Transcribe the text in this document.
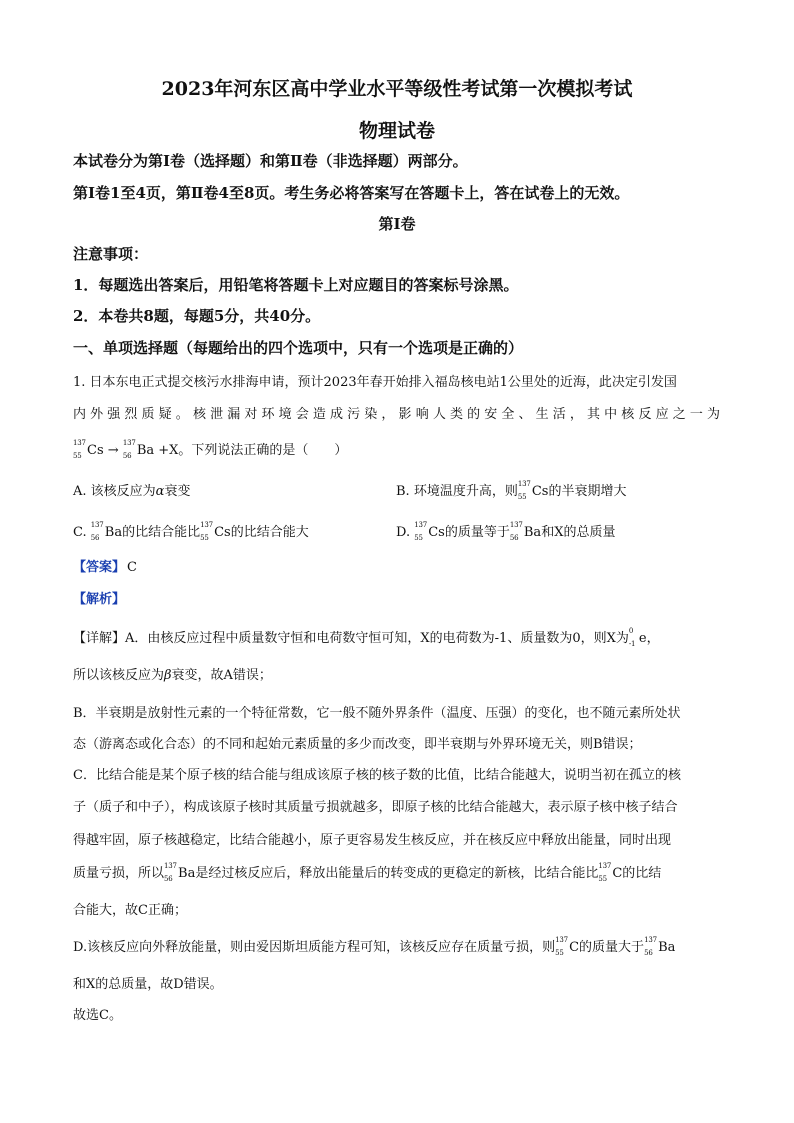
2023年河东区高中学业水平等级性考试第一次模拟考试
物理试卷
本试卷分为第Ⅰ卷（选择题）和第Ⅱ卷（非选择题）两部分。
第Ⅰ卷1至4页，第Ⅱ卷4至8页。考生务必将答案写在答题卡上，答在试卷上的无效。
第Ⅰ卷
注意事项：
1．每题选出答案后，用铅笔将答题卡上对应题目的答案标号涂黑。
2．本卷共8题，每题5分，共40分。
一、单项选择题（每题给出的四个选项中，只有一个选项是正确的）
1. 日本东电正式提交核污水排海申请，预计2023年春开始排入福岛核电站1公里处的近海，此决定引发国
内外强烈质疑。核泄漏对环境会造成污染，影响人类的安全、生活，其中核反应之一为
137
55 Cs → 137
56 Ba +X。下列说法正确的是（　　）
A. 该核反应为α衰变	B. 环境温度升高，则 137
55 Cs的半衰期增大
C. 137
56 Ba的比结合能比 137
55 Cs的比结合能大	D. 137
55 Cs的质量等于 137
56 Ba和X的总质量
【答案】 C
【解析】
【详解】A．由核反应过程中质量数守恒和电荷数守恒可知，X的电荷数为-1、质量数为0，则X为 0
-1 e，
所以该核反应为β衰变，故A错误；
B．半衰期是放射性元素的一个特征常数，它一般不随外界条件（温度、压强）的变化，也不随元素所处状
态（游离态或化合态）的不同和起始元素质量的多少而改变，即半衰期与外界环境无关，则B错误；
C．比结合能是某个原子核的结合能与组成该原子核的核子数的比值，比结合能越大，说明当初在孤立的核
子（质子和中子），构成该原子核时其质量亏损就越多，即原子核的比结合能越大，表示原子核中核子结合
得越牢固，原子核越稳定，比结合能越小，原子更容易发生核反应，并在核反应中释放出能量，同时出现
质量亏损，所以 137
56 Ba是经过核反应后，释放出能量后的转变成的更稳定的新核，比结合能比 137
55 C的比结
合能大，故C正确；
D.该核反应向外释放能量，则由爱因斯坦质能方程可知，该核反应存在质量亏损，则 137
55 C的质量大于 137
56 Ba
和X的总质量，故D错误。
故选C。
